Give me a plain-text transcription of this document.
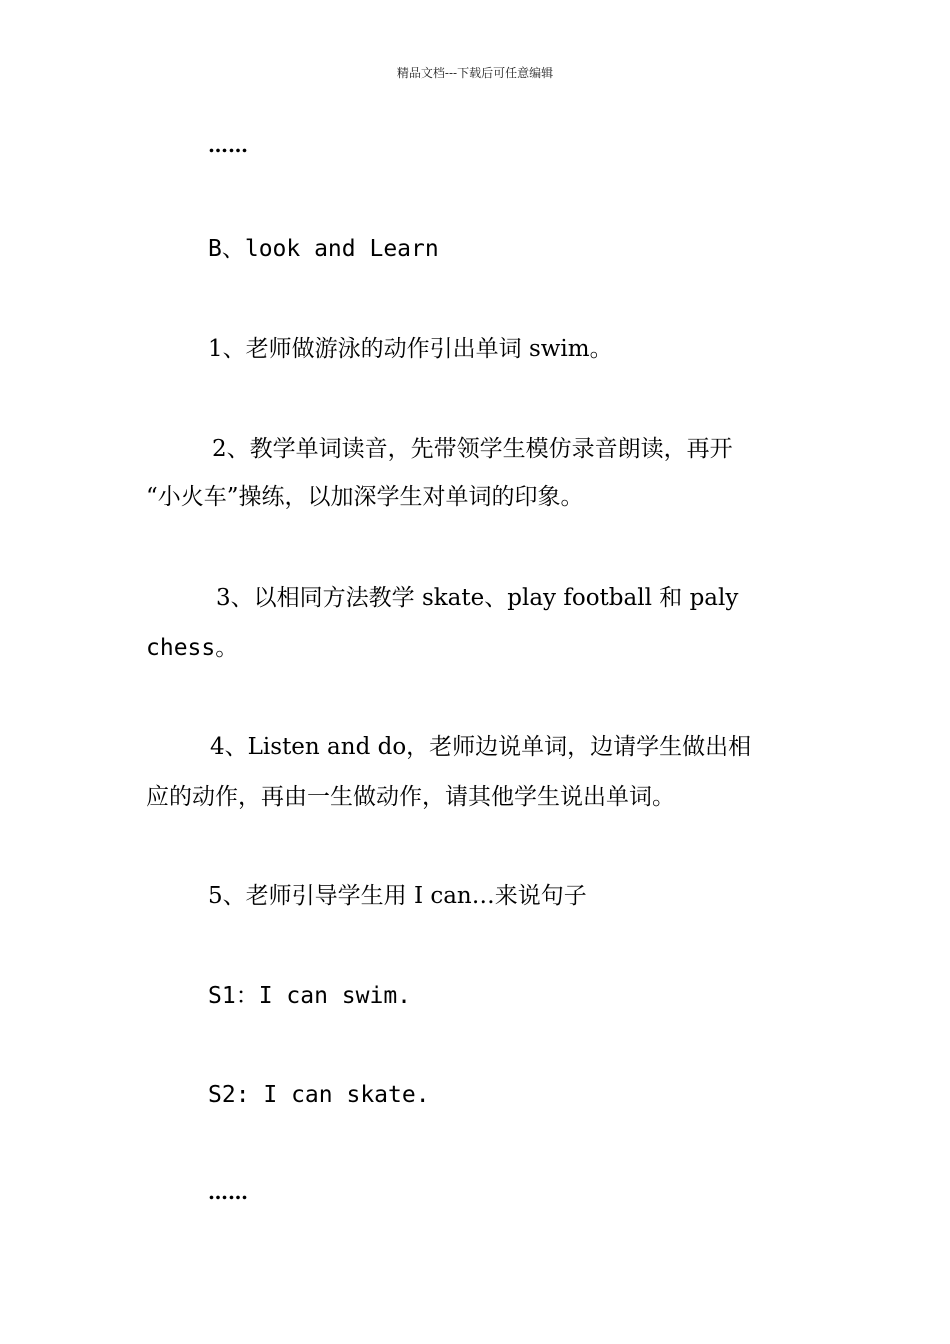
精品文档---下载后可任意编辑
……
B、look and Learn
1、老师做游泳的动作引出单词 swim。
2、教学单词读音，先带领学生模仿录音朗读，再开
“小火车”操练，以加深学生对单词的印象。
3、以相同方法教学 skate、play football 和 paly
chess。
4、Listen and do，老师边说单词，边请学生做出相
应的动作，再由一生做动作，请其他学生说出单词。
5、老师引导学生用 I can…来说句子
S1：I can swim.
S2: I can skate.
……
